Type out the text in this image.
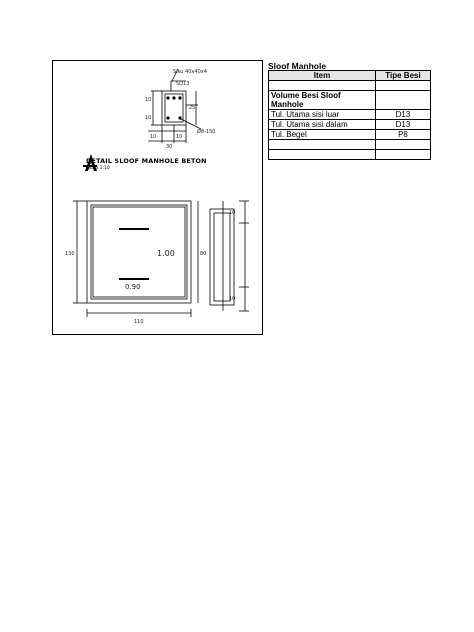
Siku 40x40x4
5D13
10
10
25
10	10
30
Ø8-150
1.00
0.90
110
130
10
10
80
DETAIL SLOOF MANHOLE BETON
Skala 1:10
Sloof Manhole
Item	Tipe Besi

Volume Besi Sloof Manhole	
Tul. Utama sisi luar	D13
Tul. Utama sisi dalam	D13
Tul. Begel	P8
